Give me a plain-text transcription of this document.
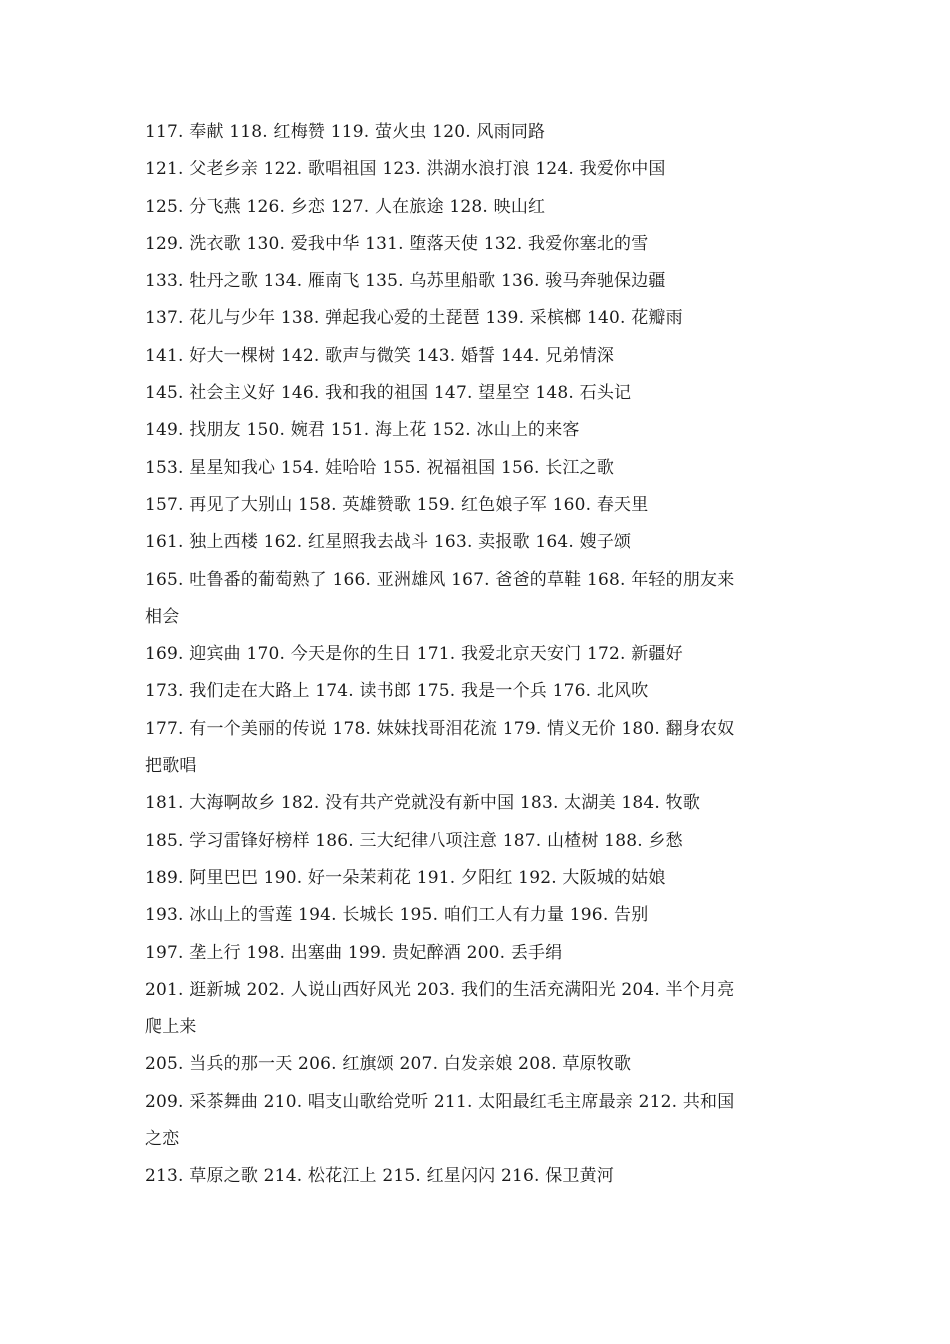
117. 奉献 118. 红梅赞 119. 萤火虫 120. 风雨同路
121. 父老乡亲 122. 歌唱祖国 123. 洪湖水浪打浪 124. 我爱你中国
125. 分飞燕 126. 乡恋 127. 人在旅途 128. 映山红
129. 洗衣歌 130. 爱我中华 131. 堕落天使 132. 我爱你塞北的雪
133. 牡丹之歌 134. 雁南飞 135. 乌苏里船歌 136. 骏马奔驰保边疆
137. 花儿与少年 138. 弹起我心爱的土琵琶 139. 采槟榔 140. 花瓣雨
141. 好大一棵树 142. 歌声与微笑 143. 婚誓 144. 兄弟情深
145. 社会主义好 146. 我和我的祖国 147. 望星空 148. 石头记
149. 找朋友 150. 婉君 151. 海上花 152. 冰山上的来客
153. 星星知我心 154. 娃哈哈 155. 祝福祖国 156. 长江之歌
157. 再见了大别山 158. 英雄赞歌 159. 红色娘子军 160. 春天里
161. 独上西楼 162. 红星照我去战斗 163. 卖报歌 164. 嫂子颂
165. 吐鲁番的葡萄熟了 166. 亚洲雄风 167. 爸爸的草鞋 168. 年轻的朋友来
相会
169. 迎宾曲 170. 今天是你的生日 171. 我爱北京天安门 172. 新疆好
173. 我们走在大路上 174. 读书郎 175. 我是一个兵 176. 北风吹
177. 有一个美丽的传说 178. 妹妹找哥泪花流 179. 情义无价 180. 翻身农奴
把歌唱
181. 大海啊故乡 182. 没有共产党就没有新中国 183. 太湖美 184. 牧歌
185. 学习雷锋好榜样 186. 三大纪律八项注意 187. 山楂树 188. 乡愁
189. 阿里巴巴 190. 好一朵茉莉花 191. 夕阳红 192. 大阪城的姑娘
193. 冰山上的雪莲 194. 长城长 195. 咱们工人有力量 196. 告别
197. 垄上行 198. 出塞曲 199. 贵妃醉酒 200. 丢手绢
201. 逛新城 202. 人说山西好风光 203. 我们的生活充满阳光 204. 半个月亮
爬上来
205. 当兵的那一天 206. 红旗颂 207. 白发亲娘 208. 草原牧歌
209. 采茶舞曲 210. 唱支山歌给党听 211. 太阳最红毛主席最亲 212. 共和国
之恋
213. 草原之歌 214. 松花江上 215. 红星闪闪 216. 保卫黄河
